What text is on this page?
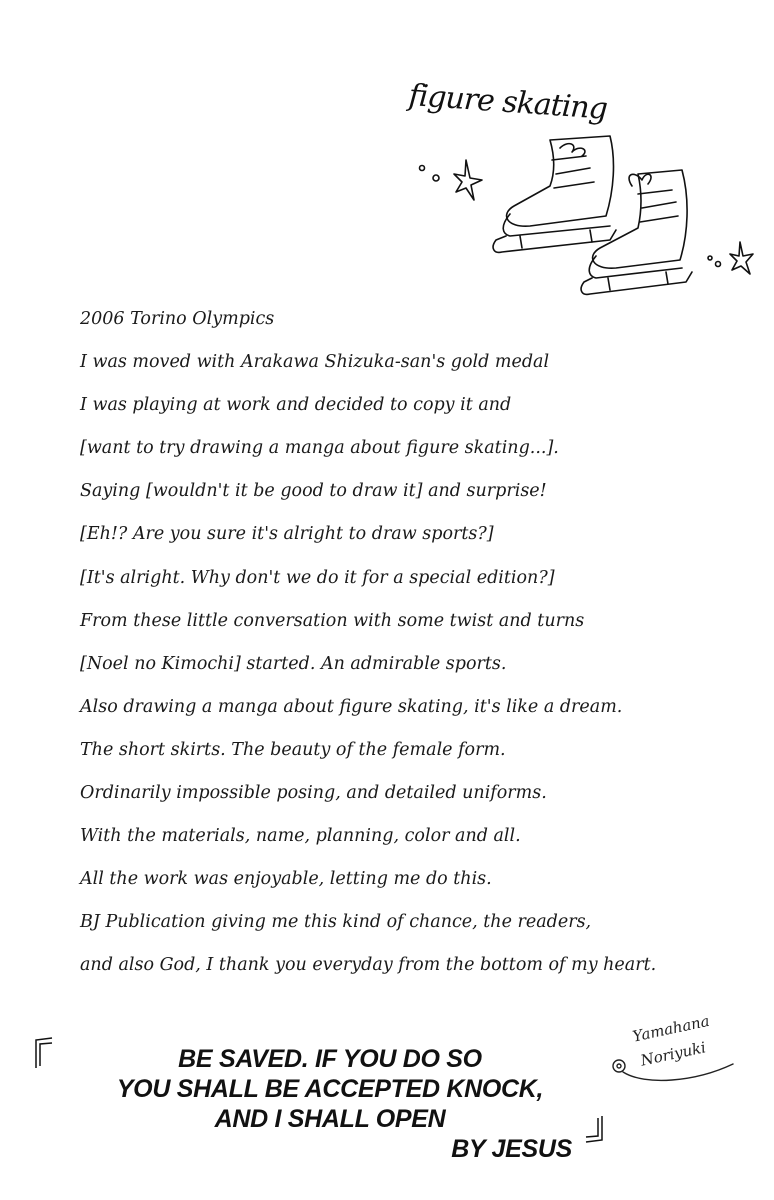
figure skating
2006 Torino Olympics
I was moved with Arakawa Shizuka-san's gold medal
I was playing at work and decided to copy it and
[want to try drawing a manga about figure skating...].
Saying [wouldn't it be good to draw it] and surprise!
[Eh!? Are you sure it's alright to draw sports?]
[It's alright. Why don't we do it for a special edition?]
From these little conversation with some twist and turns
[Noel no Kimochi] started. An admirable sports.
Also drawing a manga about figure skating, it's like a dream.
The short skirts. The beauty of the female form.
Ordinarily impossible posing, and detailed uniforms.
With the materials, name, planning, color and all.
All the work was enjoyable, letting me do this.
BJ Publication giving me this kind of chance, the readers,
and also God, I thank you everyday from the bottom of my heart.
Yamahana
Noriyuki
BE SAVED. IF YOU DO SO
YOU SHALL BE ACCEPTED KNOCK,
AND I SHALL OPEN
BY JESUS
